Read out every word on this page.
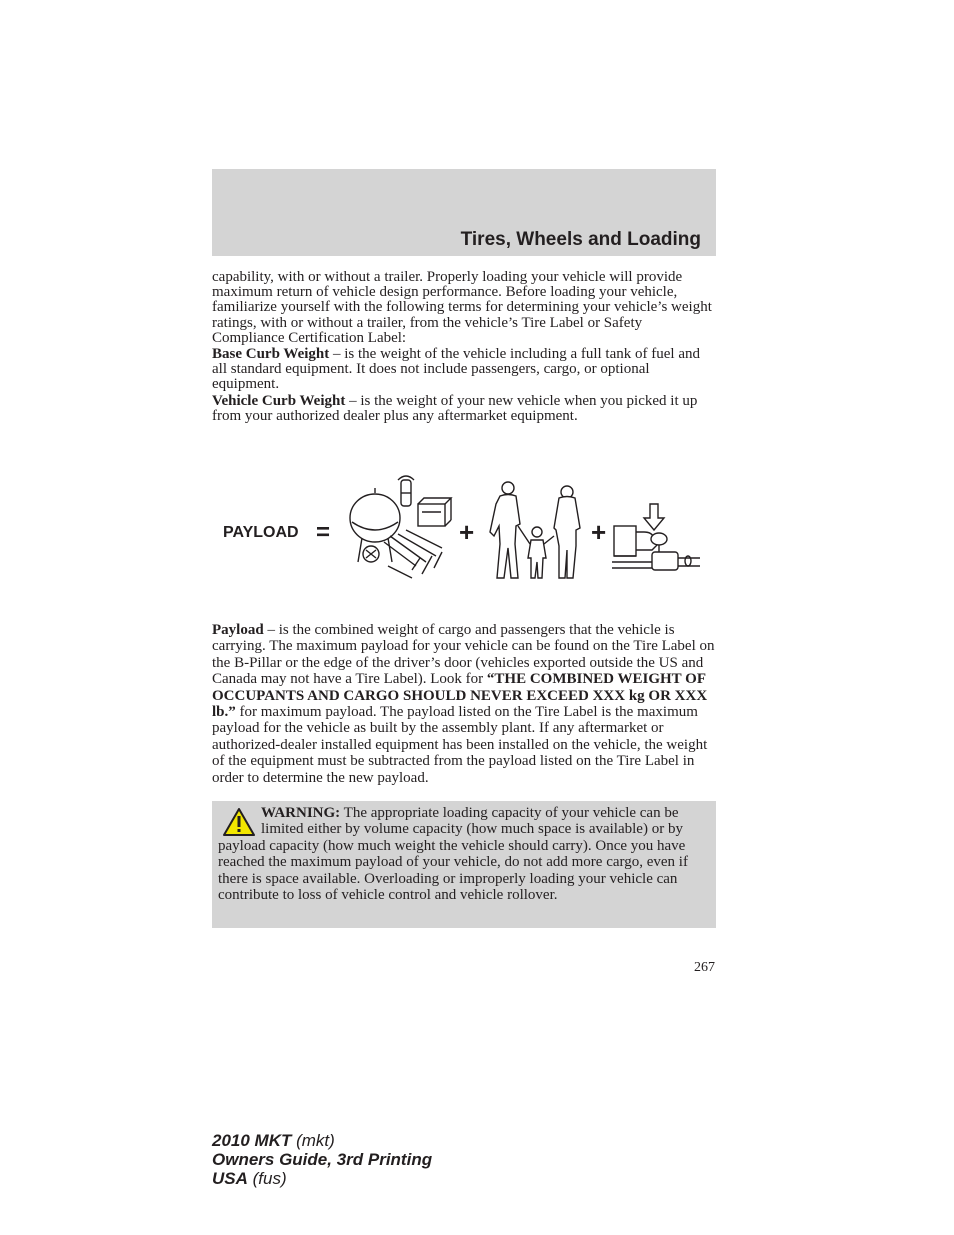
Tires, Wheels and Loading

capability, with or without a trailer. Properly loading your vehicle will provide maximum return of vehicle design performance. Before loading your vehicle, familiarize yourself with the following terms for determining your vehicle’s weight ratings, with or without a trailer, from the vehicle’s Tire Label or Safety Compliance Certification Label:

Base Curb Weight – is the weight of the vehicle including a full tank of fuel and all standard equipment. It does not include passengers, cargo, or optional equipment.

Vehicle Curb Weight – is the weight of your new vehicle when you picked it up from your authorized dealer plus any aftermarket equipment.

PAYLOAD =	+	+

Payload – is the combined weight of cargo and passengers that the vehicle is carrying. The maximum payload for your vehicle can be found on the Tire Label on the B-Pillar or the edge of the driver’s door (vehicles exported outside the US and Canada may not have a Tire Label). Look for “THE COMBINED WEIGHT OF OCCUPANTS AND CARGO SHOULD NEVER EXCEED XXX kg OR XXX lb.” for maximum payload. The payload listed on the Tire Label is the maximum payload for the vehicle as built by the assembly plant. If any aftermarket or authorized-dealer installed equipment has been installed on the vehicle, the weight of the equipment must be subtracted from the payload listed on the Tire Label in order to determine the new payload.

WARNING: The appropriate loading capacity of your vehicle can be limited either by volume capacity (how much space is available) or by payload capacity (how much weight the vehicle should carry). Once you have reached the maximum payload of your vehicle, do not add more cargo, even if there is space available. Overloading or improperly loading your vehicle can contribute to loss of vehicle control and vehicle rollover.
267
2010 MKT (mkt)
Owners Guide, 3rd Printing
USA (fus)
